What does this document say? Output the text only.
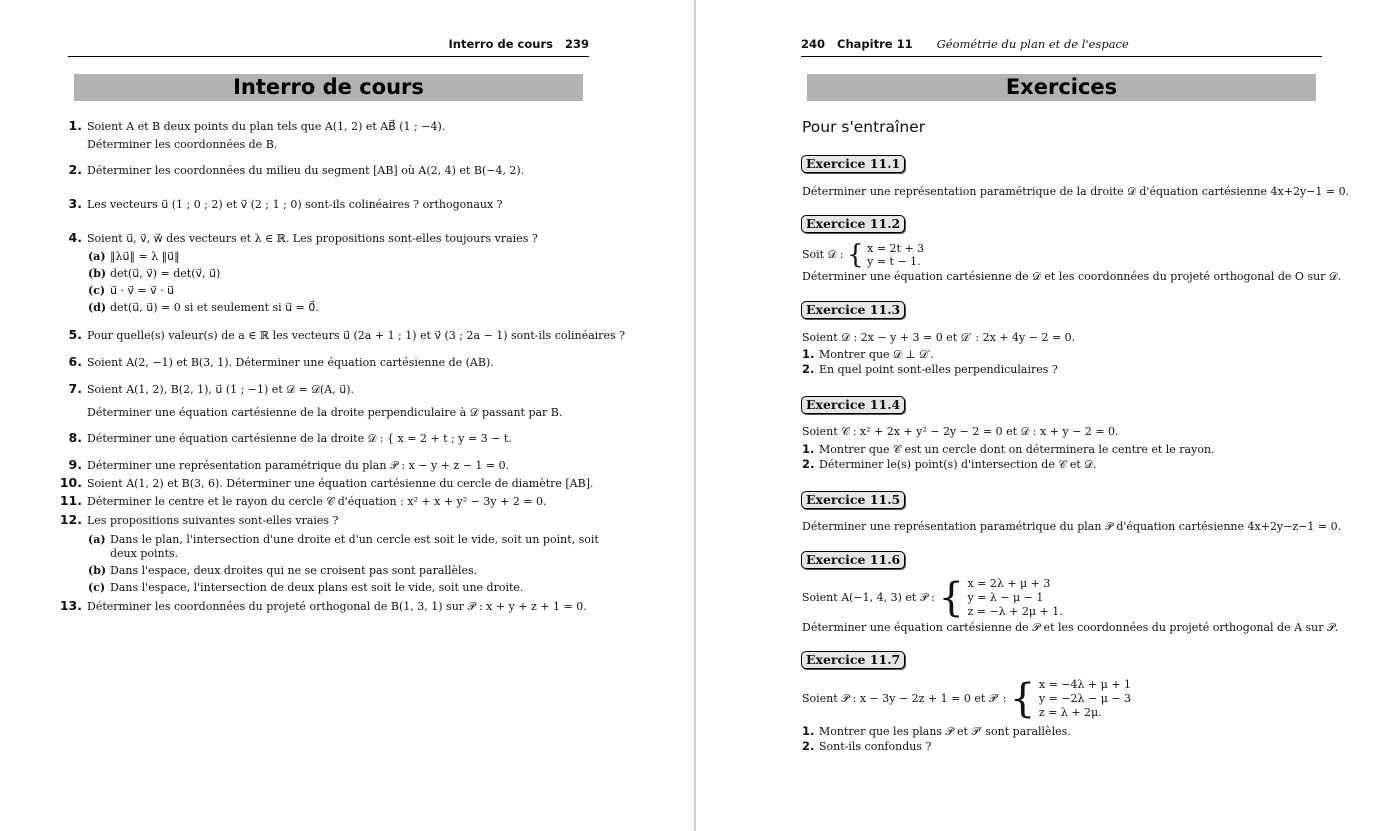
Interro de cours 239
Interro de cours
1. Soient A et B deux points du plan tels que A(1, 2) et AB⃗ (1 ; −4).
Déterminer les coordonnées de B.
2. Déterminer les coordonnées du milieu du segment [AB] où A(2, 4) et B(−4, 2).
3. Les vecteurs u⃗ (1 ; 0 ; 2) et v⃗ (2 ; 1 ; 0) sont-ils colinéaires ? orthogonaux ?
4. Soient u⃗, v⃗, w⃗ des vecteurs et λ ∈ ℝ. Les propositions sont-elles toujours vraies ?
(a) ‖λu⃗‖ = λ ‖u⃗‖
(b) det(u⃗, v⃗) = det(v⃗, u⃗)
(c) u⃗ · v⃗ = v⃗ · u⃗
(d) det(u⃗, u⃗) = 0 si et seulement si u⃗ = 0⃗.
5. Pour quelle(s) valeur(s) de a ∈ ℝ les vecteurs u⃗ (2a + 1 ; 1) et v⃗ (3 ; 2a − 1) sont-ils colinéaires ?
6. Soient A(2, −1) et B(3, 1). Déterminer une équation cartésienne de (AB).
7. Soient A(1, 2), B(2, 1), u⃗ (1 ; −1) et 𝒟 = 𝒟(A, u⃗).
Déterminer une équation cartésienne de la droite perpendiculaire à 𝒟 passant par B.
8. Déterminer une équation cartésienne de la droite 𝒟 : { x = 2 + t ; y = 3 − t.
9. Déterminer une représentation paramétrique du plan 𝒫 : x − y + z − 1 = 0.
10. Soient A(1, 2) et B(3, 6). Déterminer une équation cartésienne du cercle de diamètre [AB].
11. Déterminer le centre et le rayon du cercle 𝒞 d'équation : x² + x + y² − 3y + 2 = 0.
12. Les propositions suivantes sont-elles vraies ?
(a) Dans le plan, l'intersection d'une droite et d'un cercle est soit le vide, soit un point, soit
deux points.
(b) Dans l'espace, deux droites qui ne se croisent pas sont parallèles.
(c) Dans l'espace, l'intersection de deux plans est soit le vide, soit une droite.
13. Déterminer les coordonnées du projeté orthogonal de B(1, 3, 1) sur 𝒫 : x + y + z + 1 = 0.
240 Chapitre 11 Géométrie du plan et de l'espace
Exercices
Pour s'entraîner
Exercice 11.1
Déterminer une représentation paramétrique de la droite 𝒟 d'équation cartésienne 4x+2y−1 = 0.
Exercice 11.2
Soit 𝒟 : { x = 2t + 3
y = t − 1.
Déterminer une équation cartésienne de 𝒟 et les coordonnées du projeté orthogonal de O sur 𝒟.
Exercice 11.3
Soient 𝒟 : 2x − y + 3 = 0 et 𝒟′ : 2x + 4y − 2 = 0.
1. Montrer que 𝒟 ⊥ 𝒟′.
2. En quel point sont-elles perpendiculaires ?
Exercice 11.4
Soient 𝒞 : x² + 2x + y² − 2y − 2 = 0 et 𝒟 : x + y − 2 = 0.
1. Montrer que 𝒞 est un cercle dont on déterminera le centre et le rayon.
2. Déterminer le(s) point(s) d'intersection de 𝒞 et 𝒟.
Exercice 11.5
Déterminer une représentation paramétrique du plan 𝒫 d'équation cartésienne 4x+2y−z−1 = 0.
Exercice 11.6
Soient A(−1, 4, 3) et 𝒫 : { x = 2λ + μ + 3
y = λ − μ − 1
z = −λ + 2μ + 1.
Déterminer une équation cartésienne de 𝒫 et les coordonnées du projeté orthogonal de A sur 𝒫.
Exercice 11.7
Soient 𝒫 : x − 3y − 2z + 1 = 0 et 𝒫′ : { x = −4λ + μ + 1
y = −2λ − μ − 3
z = λ + 2μ.
1. Montrer que les plans 𝒫 et 𝒫′ sont parallèles.
2. Sont-ils confondus ?
